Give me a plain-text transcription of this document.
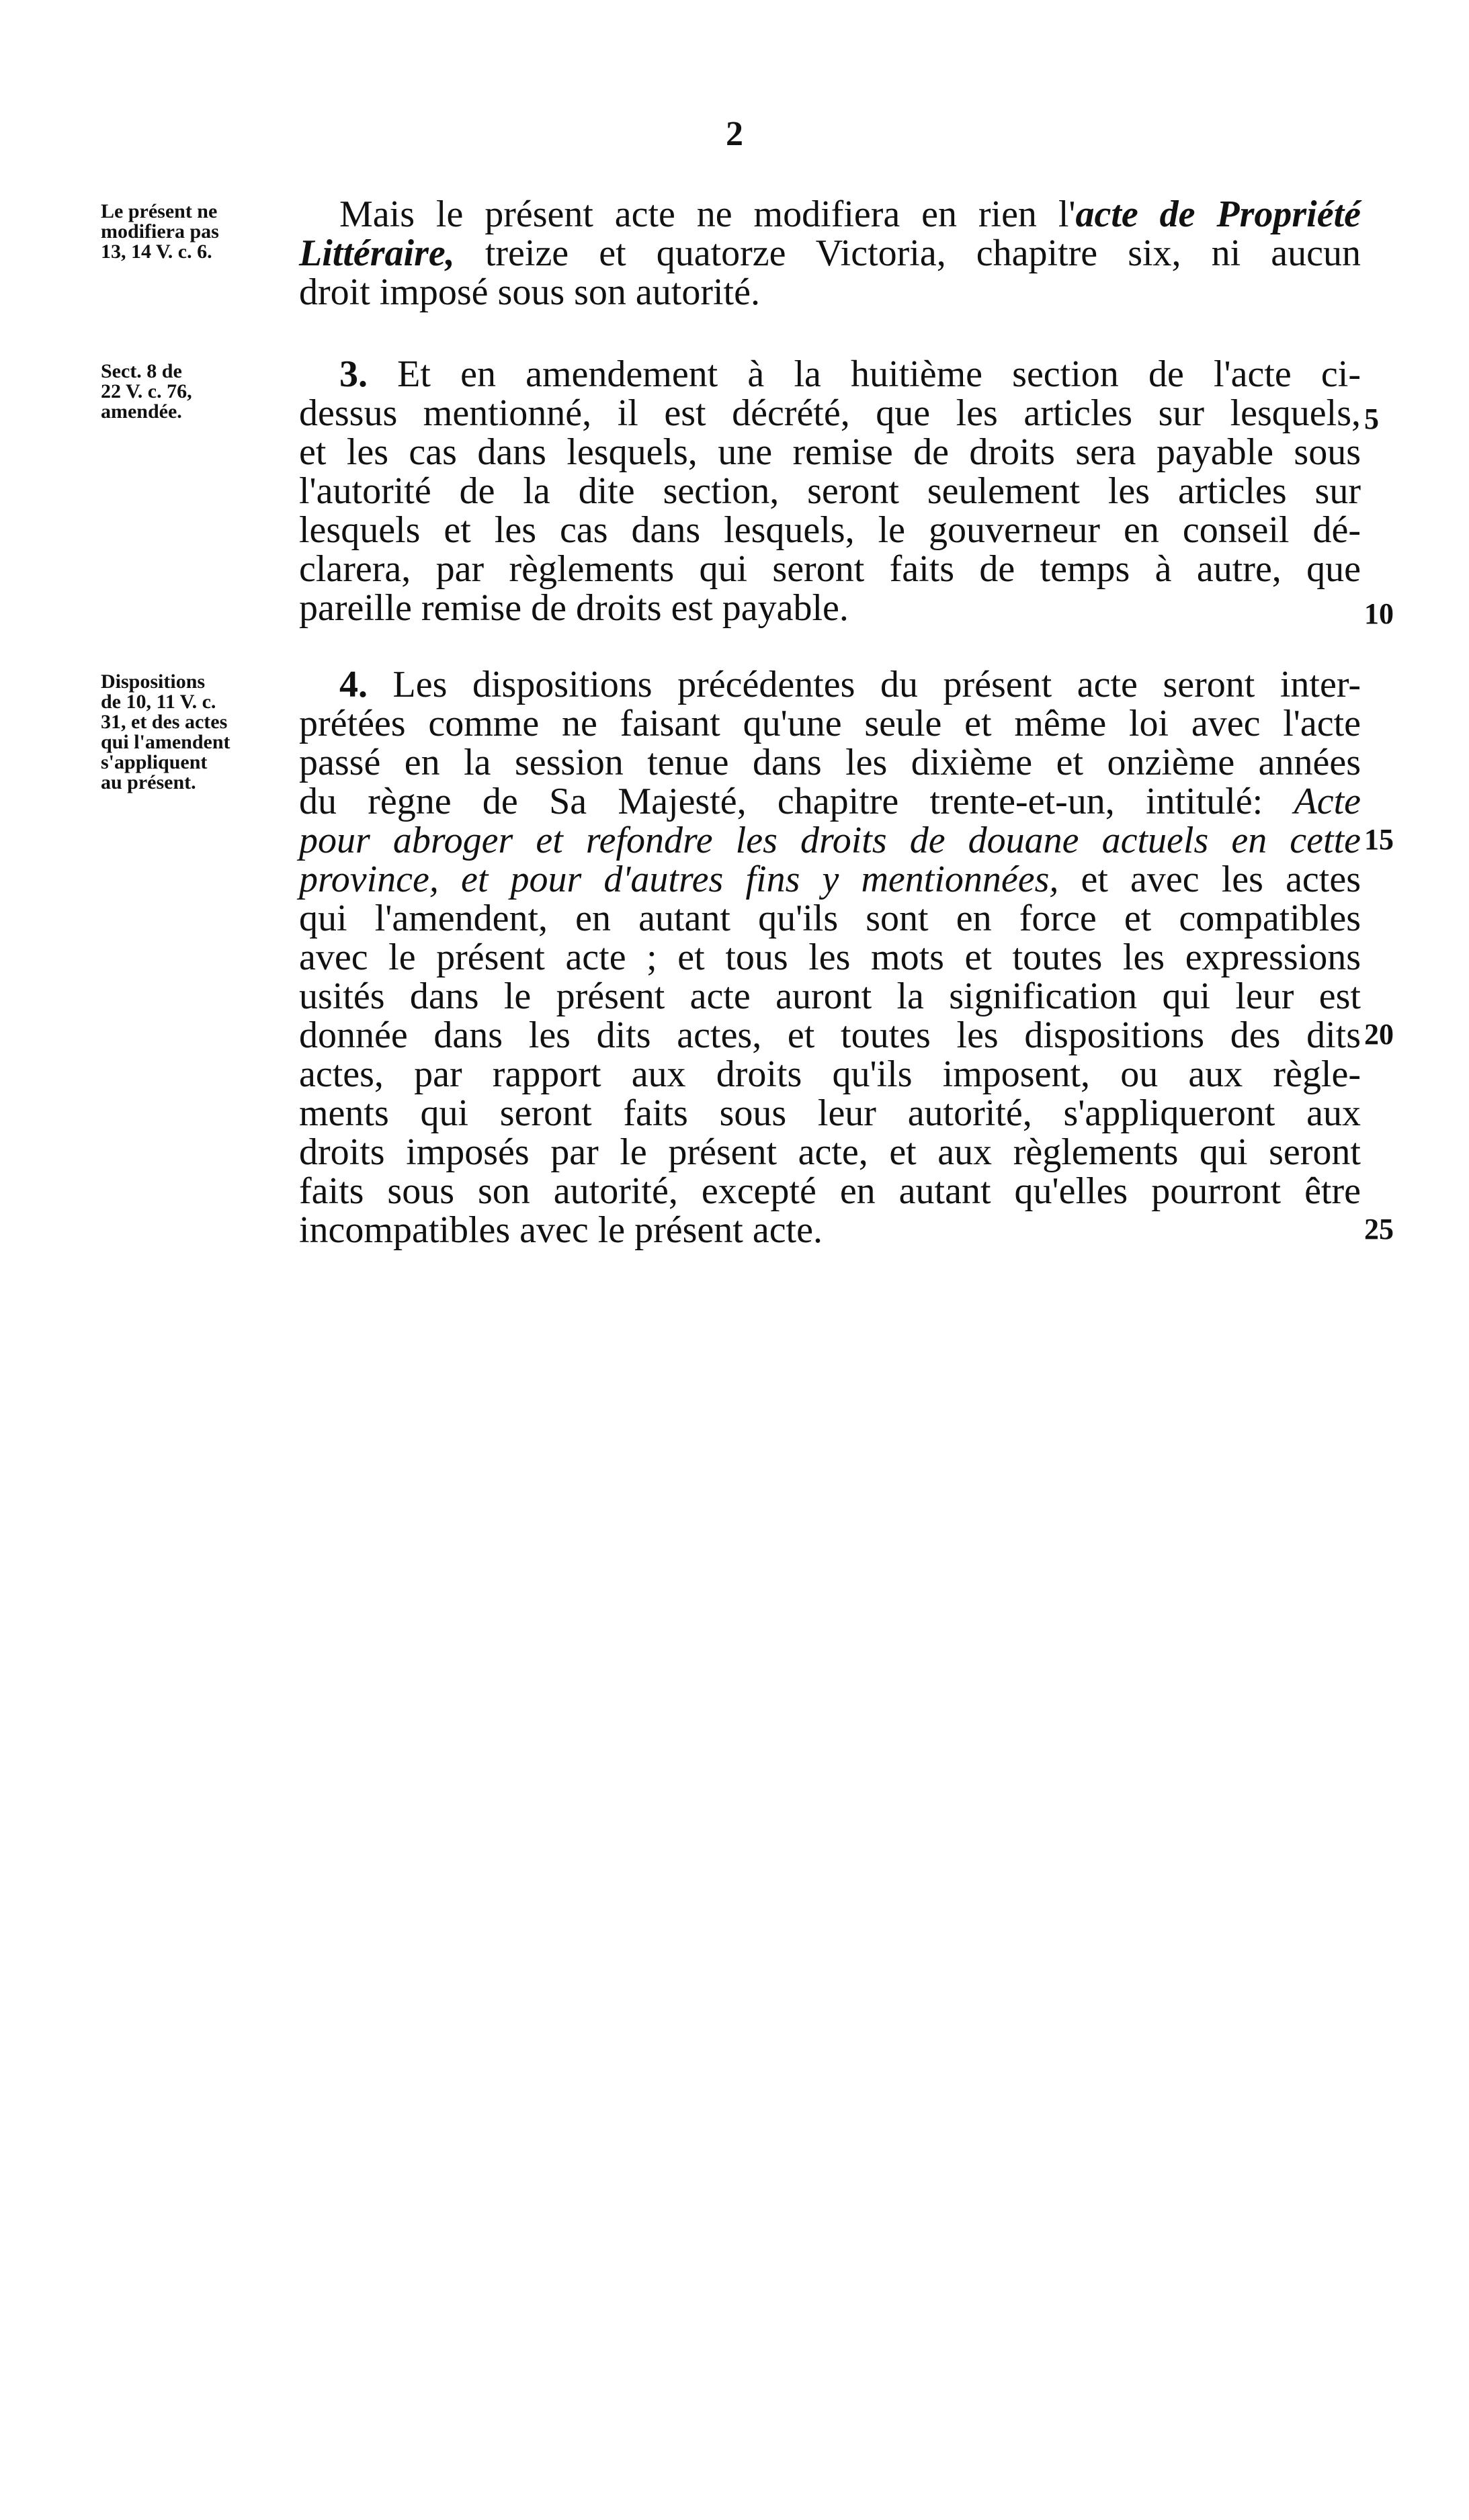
2
Le présent ne
modifiera pas
13, 14 V. c. 6.
Mais le présent acte ne modifiera en rien l'acte de Propriété
Littéraire, treize et quatorze Victoria, chapitre six, ni aucun
droit imposé sous son autorité.
Sect. 8 de
22 V. c. 76,
amendée.
3. Et en amendement à la huitième section de l'acte ci-
dessus mentionné, il est décrété, que les articles sur lesquels,
et les cas dans lesquels, une remise de droits sera payable sous
l'autorité de la dite section, seront seulement les articles sur
lesquels et les cas dans lesquels, le gouverneur en conseil dé-
clarera, par règlements qui seront faits de temps à autre, que
pareille remise de droits est payable.
Dispositions
de 10, 11 V. c.
31, et des actes
qui l'amendent
s'appliquent
au présent.
4. Les dispositions précédentes du présent acte seront inter-
prétées comme ne faisant qu'une seule et même loi avec l'acte
passé en la session tenue dans les dixième et onzième années
du règne de Sa Majesté, chapitre trente-et-un, intitulé: Acte
pour abroger et refondre les droits de douane actuels en cette
province, et pour d'autres fins y mentionnées, et avec les actes
qui l'amendent, en autant qu'ils sont en force et compatibles
avec le présent acte ; et tous les mots et toutes les expressions
usités dans le présent acte auront la signification qui leur est
donnée dans les dits actes, et toutes les dispositions des dits
actes, par rapport aux droits qu'ils imposent, ou aux règle-
ments qui seront faits sous leur autorité, s'appliqueront aux
droits imposés par le présent acte, et aux règlements qui seront
faits sous son autorité, excepté en autant qu'elles pourront être
incompatibles avec le présent acte.
5
10
15
20
25
